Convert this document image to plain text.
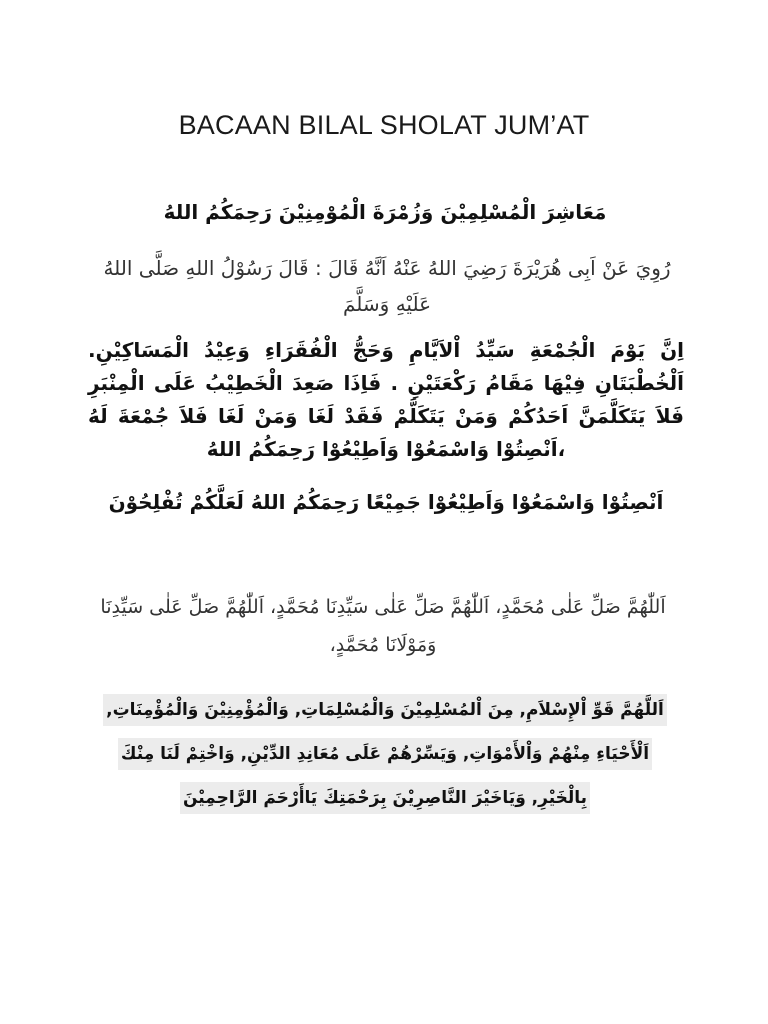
BACAAN BILAL SHOLAT JUM’AT
مَعَاشِرَ الْمُسْلِمِيْنَ وَزُمْرَةَ الْمُوْمِنِيْنَ رَحِمَكُمُ اللهُ
رُوِيَ عَنْ اَبِى هُرَيْرَةَ رَضِيَ اللهُ عَنْهُ اَنَّهُ قَالَ : قَالَ رَسُوْلُ اللهِ صَلَّى اللهُ عَلَيْهِ وَسَلَّمَ
اِنَّ يَوْمَ الْجُمْعَةِ سَيِّدُ اْلاَيَّامِ وَحَجُّ الْفُقَرَاءِ وَعِيْدُ الْمَسَاكِيْنِ. اَلْخُطْبَتَانِ فِيْهَا مَقَامُ رَكْعَتَيْنِ . فَاِذَا صَعِدَ الْخَطِيْبُ عَلَى الْمِنْبَرِ فَلاَ يَتَكَلَّمَنَّ اَحَدُكُمْ وَمَنْ يَتَكَلَّمْ فَقَدْ لَغَا وَمَنْ لَغَا فَلاَ جُمْعَةَ لَهُ ،اَنْصِتُوْا وَاسْمَعُوْا وَاَطِيْعُوْا رَحِمَكُمُ اللهُ
اَنْصِتُوْا وَاسْمَعُوْا وَاَطِيْعُوْا جَمِيْعًا رَحِمَكُمُ اللهُ لَعَلَّكُمْ تُفْلِحُوْنَ
اَللّٰهُمَّ صَلِّ عَلٰى مُحَمَّدٍ، اَللّٰهُمَّ صَلِّ عَلٰى سَيِّدِنَا مُحَمَّدٍ، اَللّٰهُمَّ صَلِّ عَلٰى سَيِّدِنَا وَمَوْلَانَا مُحَمَّدٍ،
اَللَّهُمَّ قَوِّ اْلإِسْلاَمِ, مِنَ اْلمُسْلِمِيْنَ وَالْمُسْلِمَاتِ, وَالْمُؤْمِنِيْنَ وَالْمُؤْمِنَاتِ, اَلْأَحْيَاءِ مِنْهُمْ وَاْلأَمْوَاتِ, وَيَسِّرْهُمْ عَلَى مُعَانِدِ الدِّيْنِ, وَاخْتِمْ لَنَا مِنْكَ بِالْخَيْرِ, وَيَاخَيْرَ النَّاصِرِيْنَ بِرَحْمَتِكَ يَاأَرْحَمَ الرَّاحِمِيْنَ
